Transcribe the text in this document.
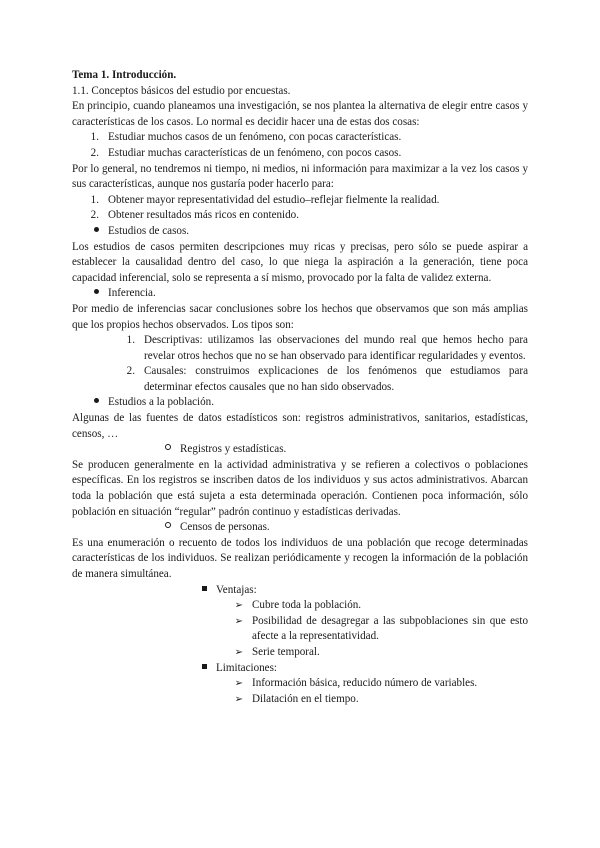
Tema 1. Introducción.

1.1. Conceptos básicos del estudio por encuestas.

En principio, cuando planeamos una investigación, se nos plantea la alternativa de elegir entre casos y características de los casos. Lo normal es decidir hacer una de estas dos cosas:

1. Estudiar muchos casos de un fenómeno, con pocas características.
2. Estudiar muchas características de un fenómeno, con pocos casos.

Por lo general, no tendremos ni tiempo, ni medios, ni información para maximizar a la vez los casos y sus características, aunque nos gustaría poder hacerlo para:

1. Obtener mayor representatividad del estudio–reflejar fielmente la realidad.
2. Obtener resultados más ricos en contenido.
Estudios de casos.

Los estudios de casos permiten descripciones muy ricas y precisas, pero sólo se puede aspirar a establecer la causalidad dentro del caso, lo que niega la aspiración a la generación, tiene poca capacidad inferencial, solo se representa a sí mismo, provocado por la falta de validez externa.

Inferencia.

Por medio de inferencias sacar conclusiones sobre los hechos que observamos que son más amplias que los propios hechos observados. Los tipos son:

1. Descriptivas: utilizamos las observaciones del mundo real que hemos hecho para revelar otros hechos que no se han observado para identificar regularidades y eventos.
2. Causales: construimos explicaciones de los fenómenos que estudiamos para determinar efectos causales que no han sido observados.
Estudios a la población.

Algunas de las fuentes de datos estadísticos son: registros administrativos, sanitarios, estadísticas, censos, …

Registros y estadísticas.

Se producen generalmente en la actividad administrativa y se refieren a colectivos o poblaciones específicas. En los registros se inscriben datos de los individuos y sus actos administrativos. Abarcan toda la población que está sujeta a esta determinada operación. Contienen poca información, sólo población en situación “regular” padrón continuo y estadísticas derivadas.

Censos de personas.

Es una enumeración o recuento de todos los individuos de una población que recoge determinadas características de los individuos. Se realizan periódicamente y recogen la información de la población de manera simultánea.

Ventajas:
➢ Cubre toda la población.
➢ Posibilidad de desagregar a las subpoblaciones sin que esto afecte a la representatividad.
➢ Serie temporal.
Limitaciones:
➢ Información básica, reducido número de variables.
➢ Dilatación en el tiempo.
